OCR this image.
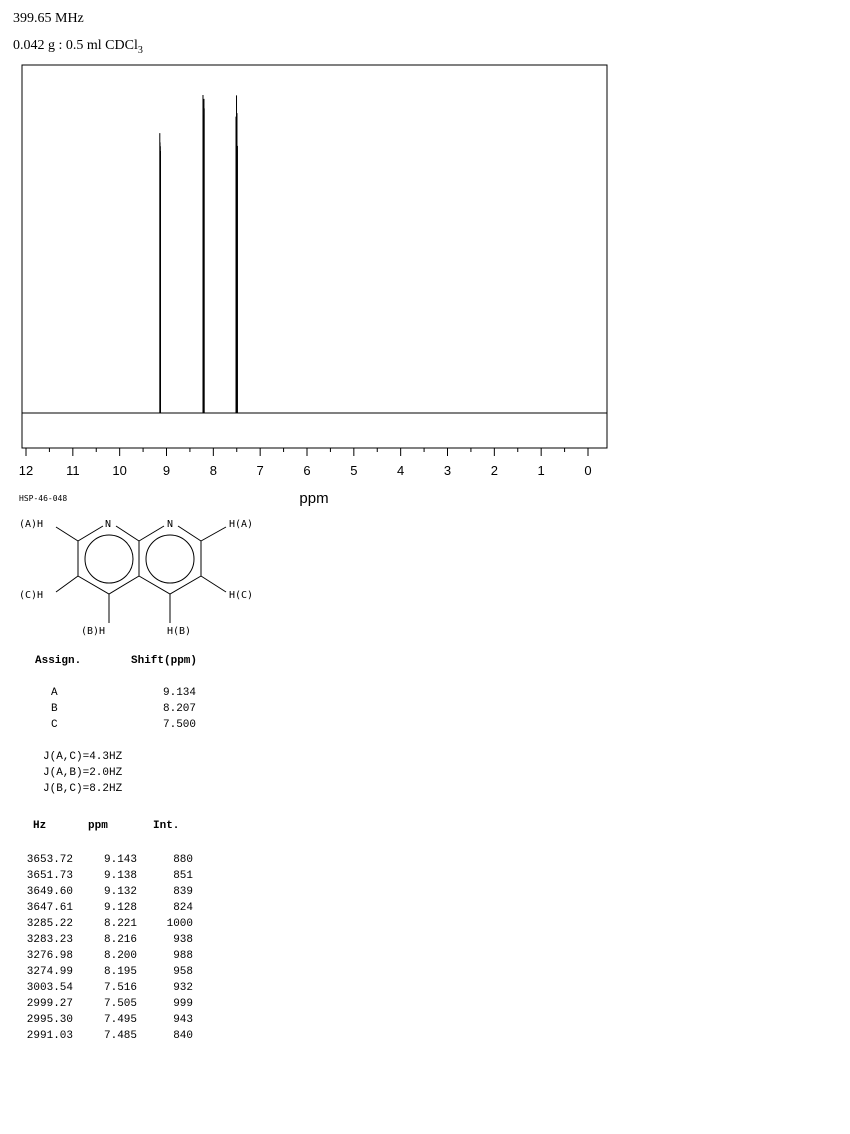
399.65 MHz
0.042 g : 0.5 ml CDCl$_3$
12	11	10	9	8	7	6	5	4	3	2	1	0
ppm
HSP-46-048
N	N
(A)H	H(A)
(C)H	H(C)
(B)H	H(B)
Assign.	Shift(ppm)
A	9.134
B	8.207
C	7.500
J(A,C)=4.3HZ
J(A,B)=2.0HZ
J(B,C)=8.2HZ
Hz	ppm	Int.
3653.72	9.143	880
3651.73	9.138	851
3649.60	9.132	839
3647.61	9.128	824
3285.22	8.221	1000
3283.23	8.216	938
3276.98	8.200	988
3274.99	8.195	958
3003.54	7.516	932
2999.27	7.505	999
2995.30	7.495	943
2991.03	7.485	840
